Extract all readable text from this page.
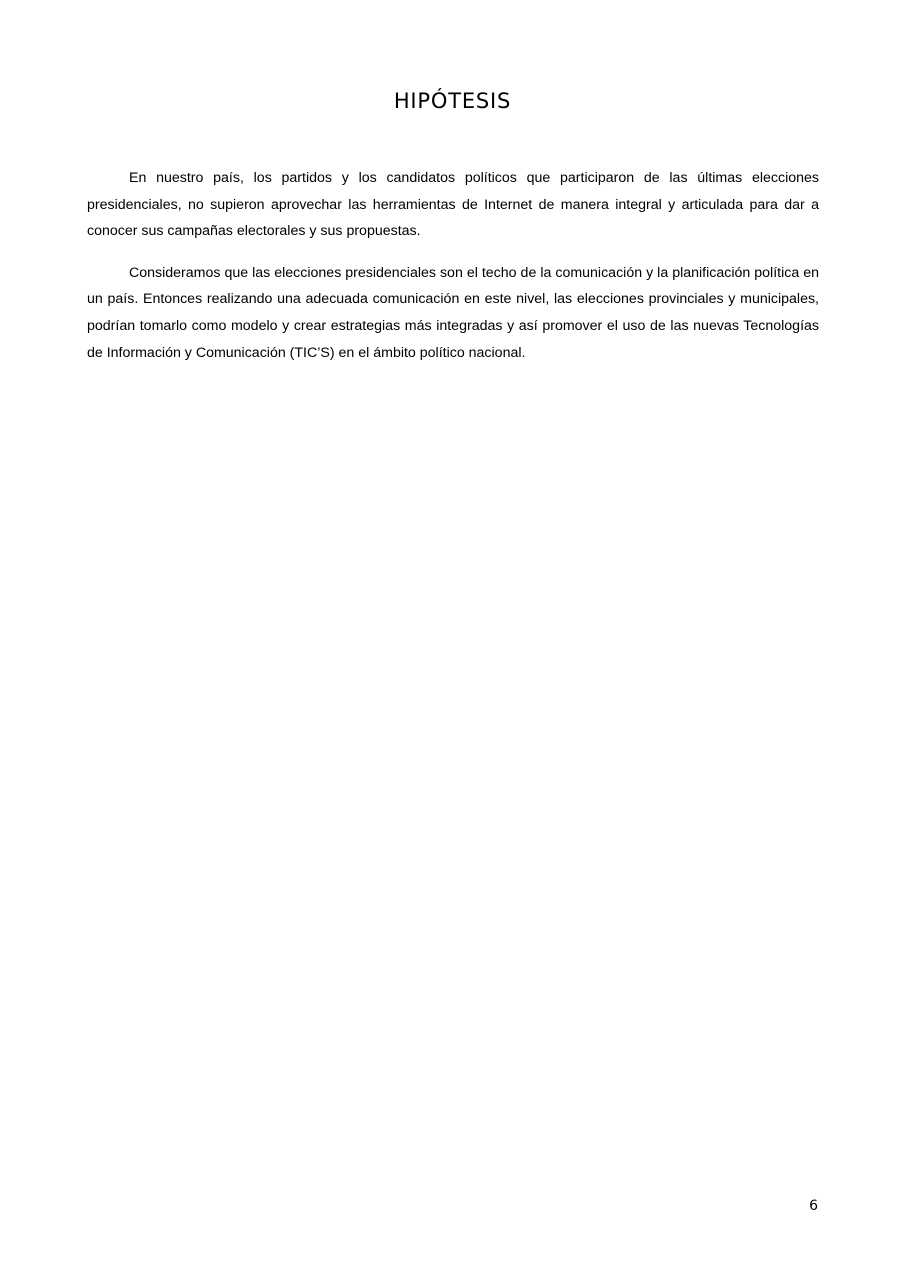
HIPÓTESIS

En nuestro país, los partidos y los candidatos políticos que participaron de las últimas elecciones presidenciales, no supieron aprovechar las herramientas de Internet de manera integral y articulada para dar a conocer sus campañas electorales y sus propuestas.

Consideramos que las elecciones presidenciales son el techo de la comunicación y la planificación política en un país. Entonces realizando una adecuada comunicación en este nivel, las elecciones provinciales y municipales, podrían tomarlo como modelo y crear estrategias más integradas y así promover el uso de las nuevas Tecnologías de Información y Comunicación (TIC’S) en el ámbito político nacional.

6
